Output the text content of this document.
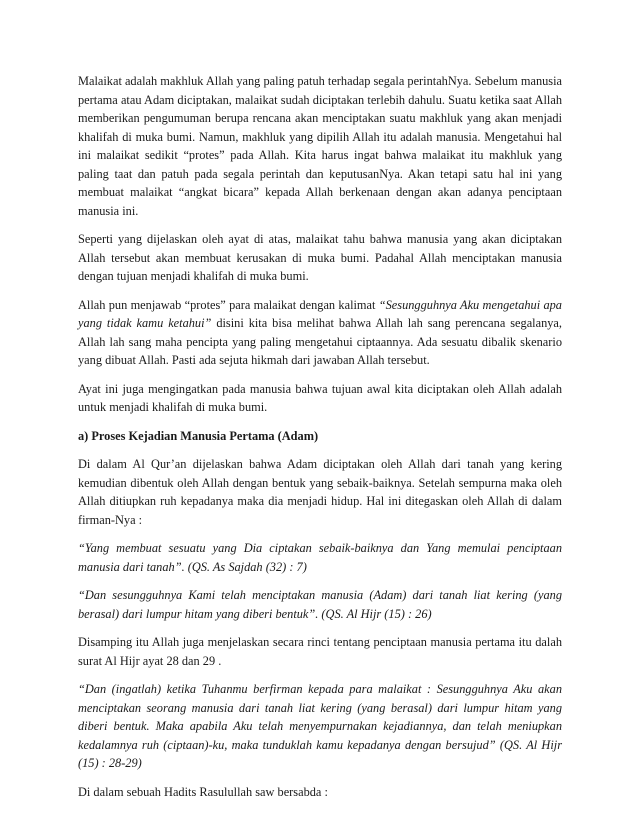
Malaikat adalah makhluk Allah yang paling patuh terhadap segala perintahNya. Sebelum manusia pertama atau Adam diciptakan, malaikat sudah diciptakan terlebih dahulu. Suatu ketika saat Allah memberikan pengumuman berupa rencana akan menciptakan suatu makhluk yang akan menjadi khalifah di muka bumi. Namun, makhluk yang dipilih Allah itu adalah manusia. Mengetahui hal ini malaikat sedikit “protes” pada Allah. Kita harus ingat bahwa malaikat itu makhluk yang paling taat dan patuh pada segala perintah dan keputusanNya. Akan tetapi satu hal ini yang membuat malaikat “angkat bicara” kepada Allah berkenaan dengan akan adanya penciptaan manusia ini.

Seperti yang dijelaskan oleh ayat di atas, malaikat tahu bahwa manusia yang akan diciptakan Allah tersebut akan membuat kerusakan di muka bumi. Padahal Allah menciptakan manusia dengan tujuan menjadi khalifah di muka bumi.

Allah pun menjawab “protes” para malaikat dengan kalimat “Sesungguhnya Aku mengetahui apa yang tidak kamu ketahui” disini kita bisa melihat bahwa Allah lah sang perencana segalanya, Allah lah sang maha pencipta yang paling mengetahui ciptaannya. Ada sesuatu dibalik skenario yang dibuat Allah. Pasti ada sejuta hikmah dari jawaban Allah tersebut.

Ayat ini juga mengingatkan pada manusia bahwa tujuan awal kita diciptakan oleh Allah adalah untuk menjadi khalifah di muka bumi.

a) Proses Kejadian Manusia Pertama (Adam)

Di dalam Al Qur’an dijelaskan bahwa Adam diciptakan oleh Allah dari tanah yang kering kemudian dibentuk oleh Allah dengan bentuk yang sebaik-baiknya. Setelah sempurna maka oleh Allah ditiupkan ruh kepadanya maka dia menjadi hidup. Hal ini ditegaskan oleh Allah di dalam firman-Nya :

“Yang membuat sesuatu yang Dia ciptakan sebaik-baiknya dan Yang memulai penciptaan manusia dari tanah”. (QS. As Sajdah (32) : 7)

“Dan sesungguhnya Kami telah menciptakan manusia (Adam) dari tanah liat kering (yang berasal) dari lumpur hitam yang diberi bentuk”. (QS. Al Hijr (15) : 26)

Disamping itu Allah juga menjelaskan secara rinci tentang penciptaan manusia pertama itu dalah surat Al Hijr ayat 28 dan 29 .

“Dan (ingatlah) ketika Tuhanmu berfirman kepada para malaikat : Sesungguhnya Aku akan menciptakan seorang manusia dari tanah liat kering (yang berasal) dari lumpur hitam yang diberi bentuk. Maka apabila Aku telah menyempurnakan kejadiannya, dan telah meniupkan kedalamnya ruh (ciptaan)-ku, maka tunduklah kamu kepadanya dengan bersujud” (QS. Al Hijr (15) : 28-29)

Di dalam sebuah Hadits Rasulullah saw bersabda :
